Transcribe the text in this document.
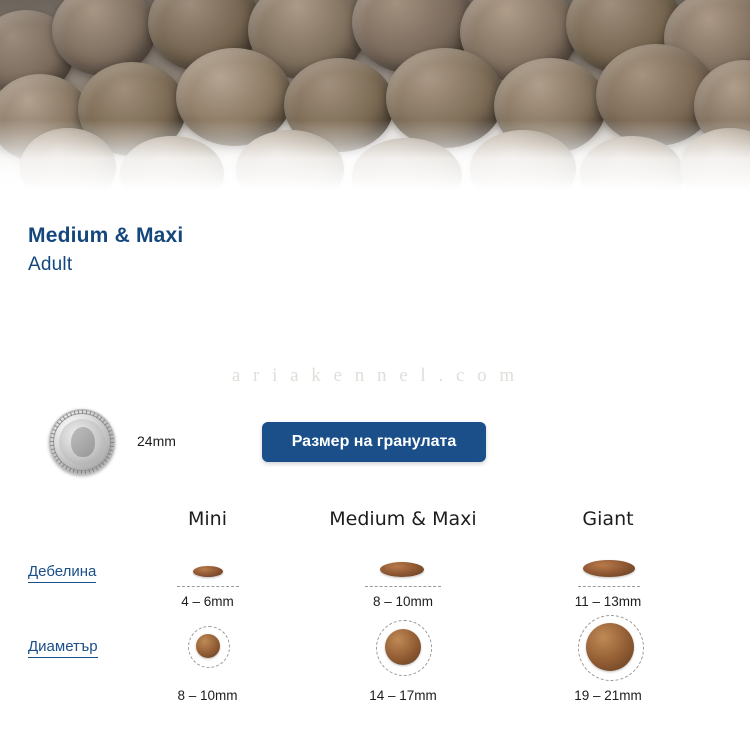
Medium & Maxi
Adult
a r i a k e n n e l . c o m
24mm	Размер на гранулата
Mini	Medium & Maxi	Giant
Дебелина
4 – 6mm	8 – 10mm	11 – 13mm
Диаметър
8 – 10mm	14 – 17mm	19 – 21mm
